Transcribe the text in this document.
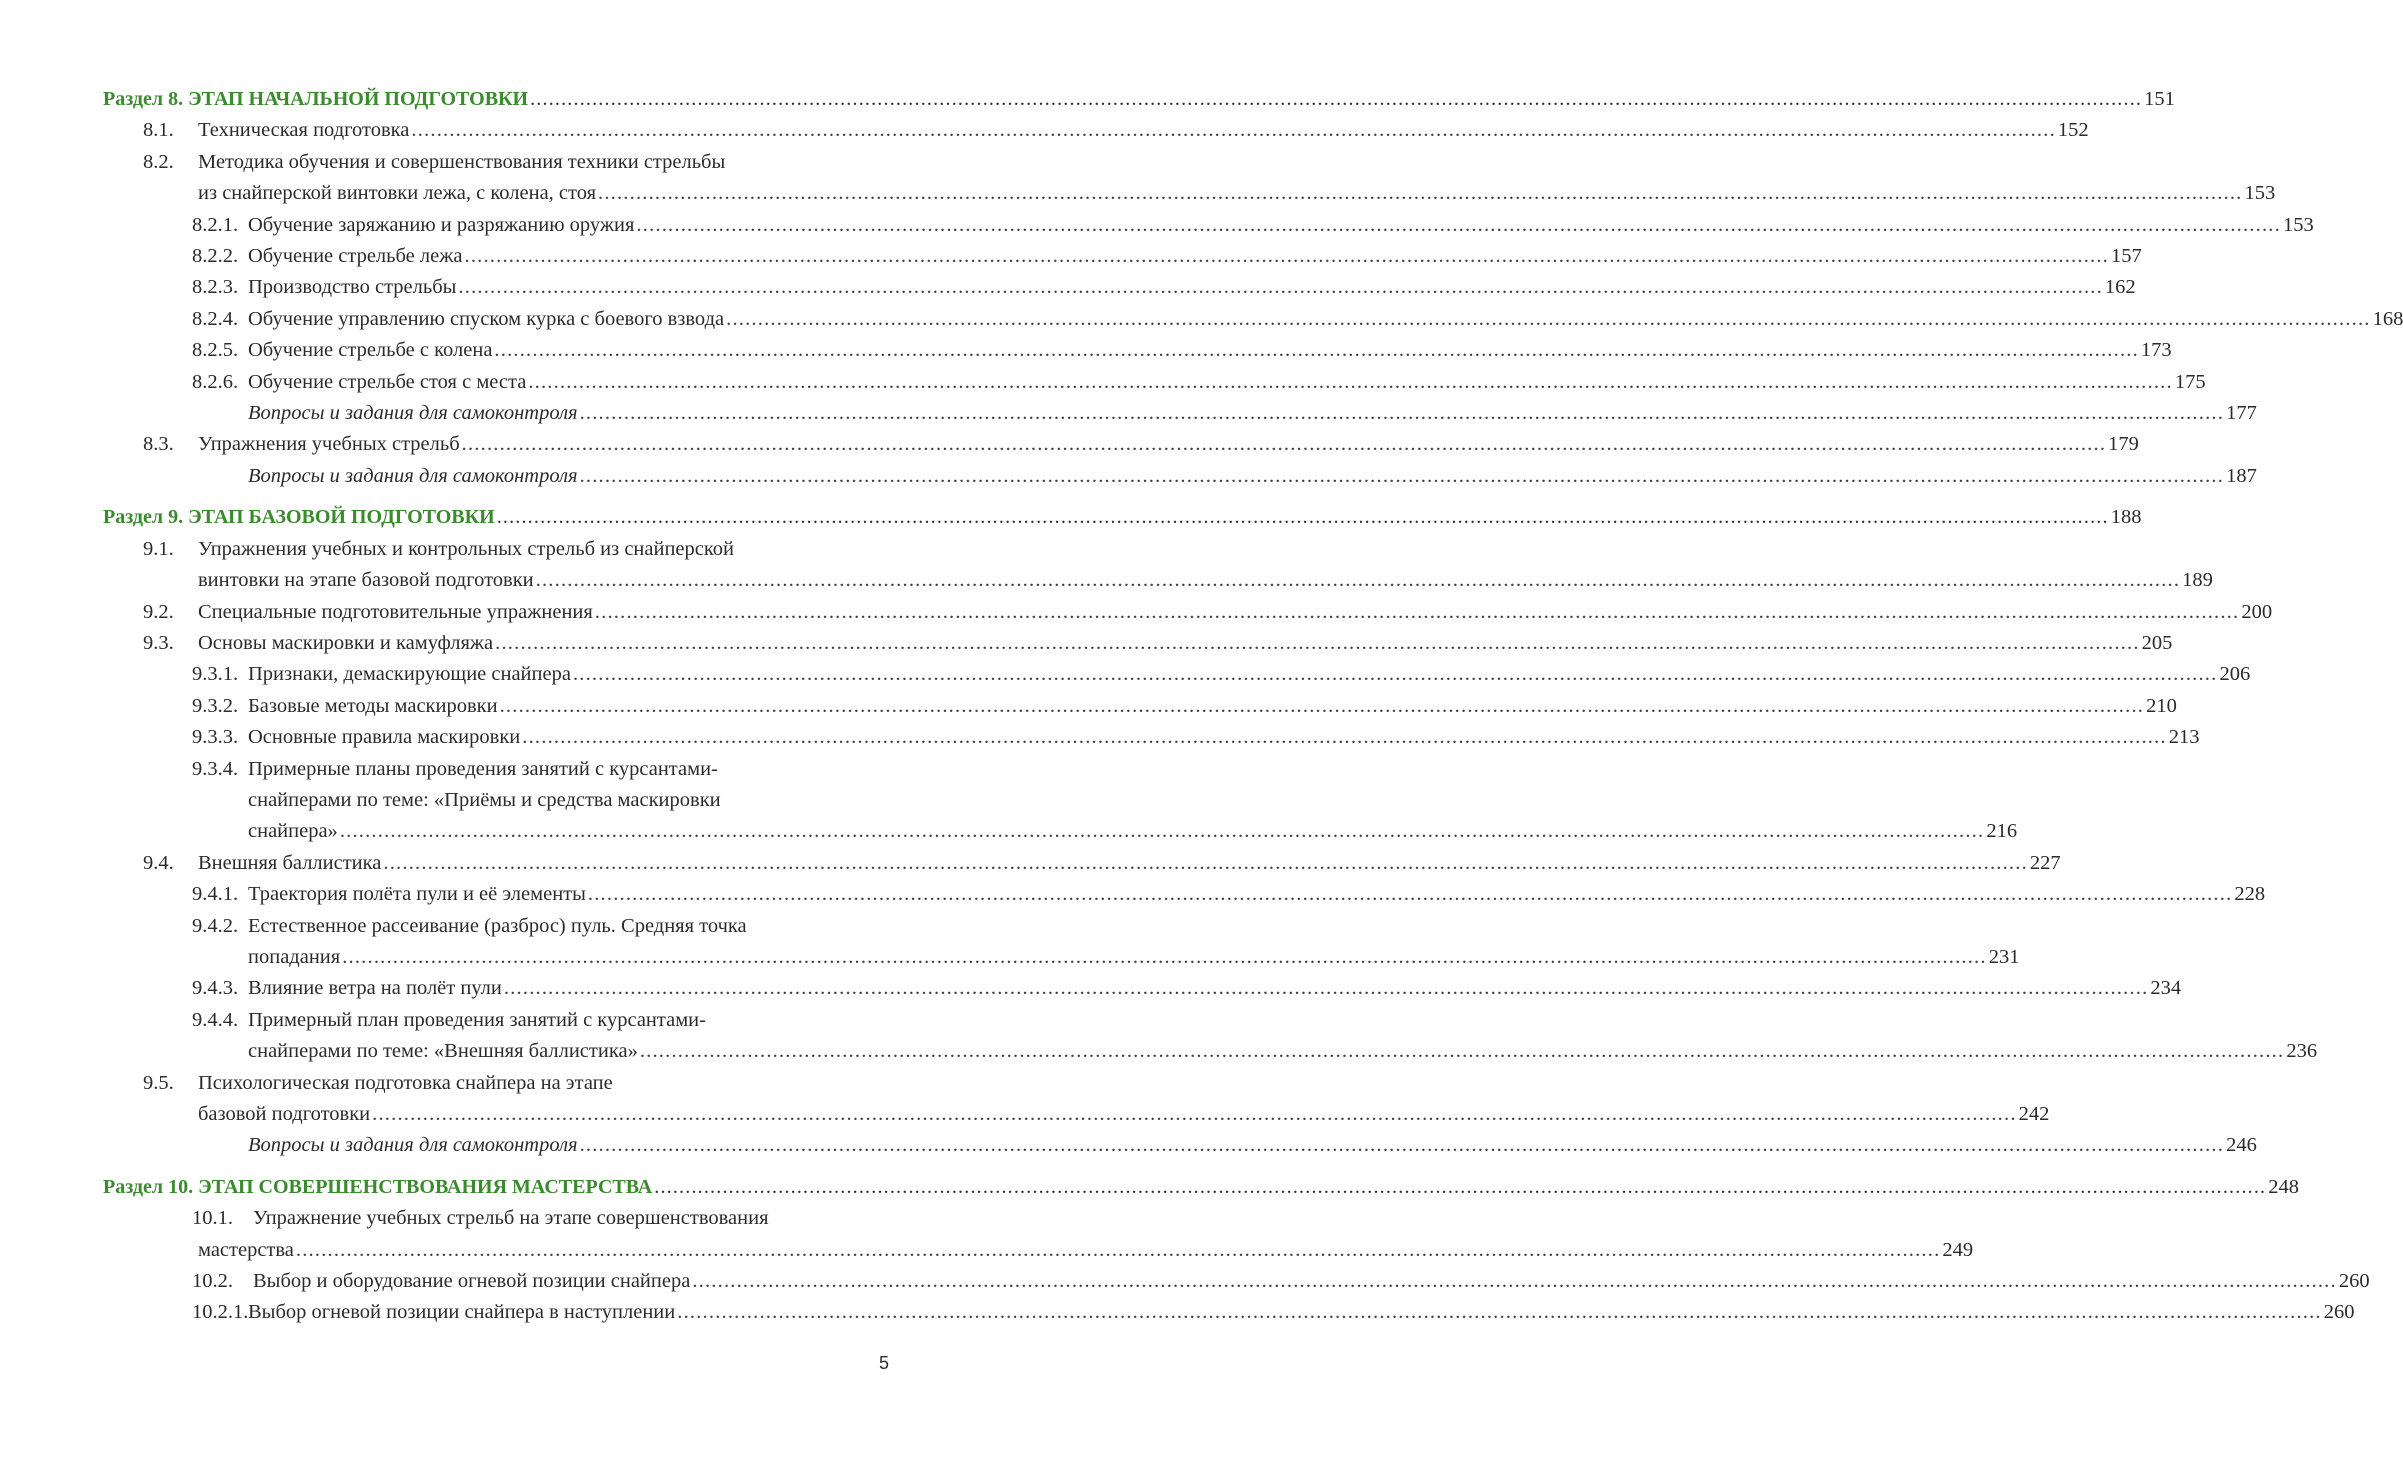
Раздел 8. ЭТАП НАЧАЛЬНОЙ ПОДГОТОВКИ .....	151
8.1.	Техническая подготовка .....	152
8.2.	Методика обучения и совершенствования техники стрельбы
из снайперской винтовки лежа, с колена, стоя .....	153
8.2.1. Обучение заряжанию и разряжанию оружия .....	153
8.2.2. Обучение стрельбе лежа .....	157
8.2.3. Производство стрельбы .....	162
8.2.4. Обучение управлению спуском курка с боевого взвода .....	168
8.2.5. Обучение стрельбе с колена .....	173
8.2.6. Обучение стрельбе стоя с места .....	175
Вопросы и задания для самоконтроля .....	177
8.3.	Упражнения учебных стрельб .....	179
Вопросы и задания для самоконтроля .....	187
Раздел 9. ЭТАП БАЗОВОЙ ПОДГОТОВКИ .....	188
9.1.	Упражнения учебных и контрольных стрельб из снайперской
винтовки на этапе базовой подготовки .....	189
9.2.	Специальные подготовительные упражнения .....	200
9.3.	Основы маскировки и камуфляжа .....	205
9.3.1. Признаки, демаскирующие снайпера .....	206
9.3.2. Базовые методы маскировки .....	210
9.3.3. Основные правила маскировки .....	213
9.3.4. Примерные планы проведения занятий с курсантами-
снайперами по теме: «Приёмы и средства маскировки
снайпера» .....	216
9.4.	Внешняя баллистика .....	227
9.4.1. Траектория полёта пули и её элементы .....	228
9.4.2. Естественное рассеивание (разброс) пуль. Средняя точка
попадания .....	231
9.4.3. Влияние ветра на полёт пули .....	234
9.4.4. Примерный план проведения занятий с курсантами-
снайперами по теме: «Внешняя баллистика» .....	236
9.5.	Психологическая подготовка снайпера на этапе
базовой подготовки .....	242
Вопросы и задания для самоконтроля .....	246
Раздел 10. ЭТАП СОВЕРШЕНСТВОВАНИЯ МАСТЕРСТВА .....	248
10.1. Упражнение учебных стрельб на этапе совершенствования
мастерства .....	249
10.2. Выбор и оборудование огневой позиции снайпера .....	260
10.2.1. Выбор огневой позиции снайпера в наступлении .....	260
5
